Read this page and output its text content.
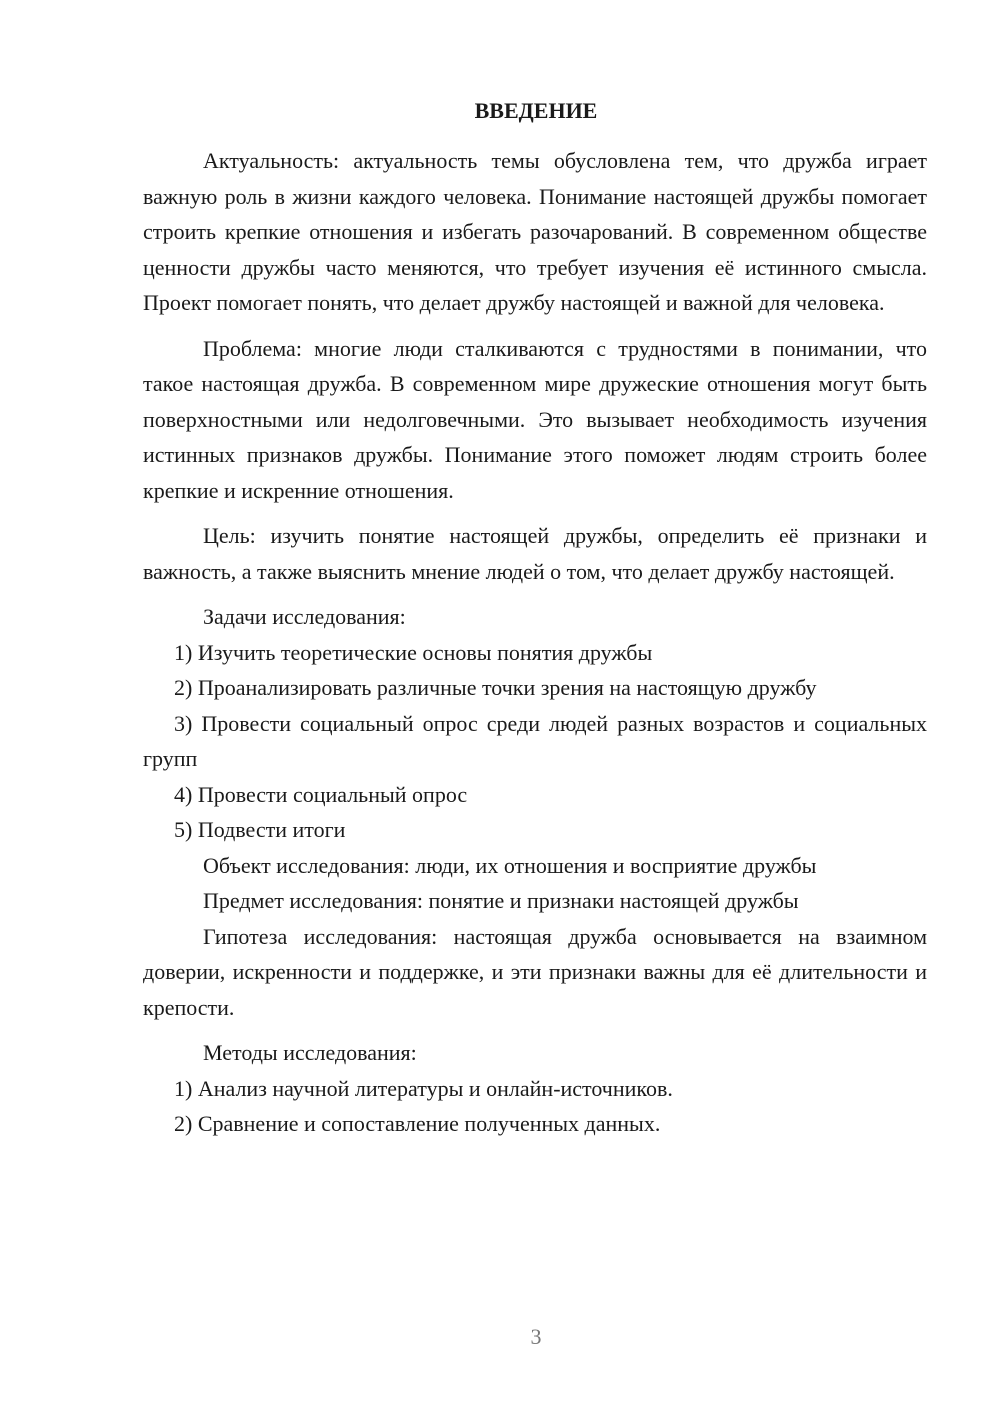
ВВЕДЕНИЕ

Актуальность: актуальность темы обусловлена тем, что дружба играет важную роль в жизни каждого человека. Понимание настоящей дружбы помогает строить крепкие отношения и избегать разочарований. В современном обществе ценности дружбы часто меняются, что требует изучения её истинного смысла. Проект помогает понять, что делает дружбу настоящей и важной для человека.

Проблема: многие люди сталкиваются с трудностями в понимании, что такое настоящая дружба. В современном мире дружеские отношения могут быть поверхностными или недолговечными. Это вызывает необходимость изучения истинных признаков дружбы. Понимание этого поможет людям строить более крепкие и искренние отношения.

Цель: изучить понятие настоящей дружбы, определить её признаки и важность, а также выяснить мнение людей о том, что делает дружбу настоящей.

Задачи исследования:

1) Изучить теоретические основы понятия дружбы

2) Проанализировать различные точки зрения на настоящую дружбу

3) Провести социальный опрос среди людей разных возрастов и социальных групп

4) Провести социальный опрос

5) Подвести итоги

Объект исследования: люди, их отношения и восприятие дружбы

Предмет исследования: понятие и признаки настоящей дружбы

Гипотеза исследования: настоящая дружба основывается на взаимном доверии, искренности и поддержке, и эти признаки важны для её длительности и крепости.

Методы исследования:

1) Анализ научной литературы и онлайн-источников.

2) Сравнение и сопоставление полученных данных.

3
